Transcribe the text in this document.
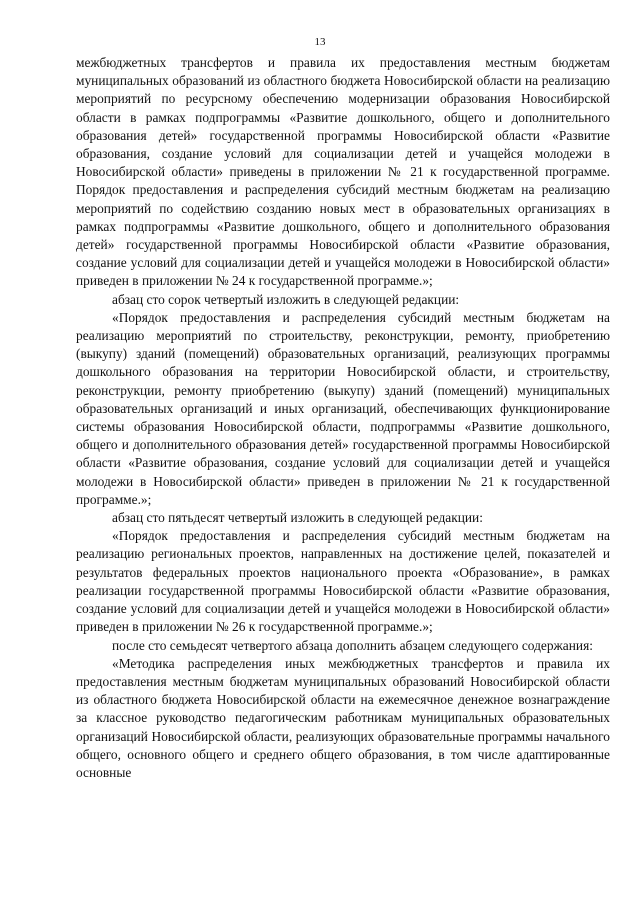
13

межбюджетных трансфертов и правила их предоставления местным бюджетам муниципальных образований из областного бюджета Новосибирской области на реализацию мероприятий по ресурсному обеспечению модернизации образования Новосибирской области в рамках подпрограммы «Развитие дошкольного, общего и дополнительного образования детей» государственной программы Новосибирской области «Развитие образования, создание условий для социализации детей и учащейся молодежи в Новосибирской области» приведены в приложении № 21 к государственной программе. Порядок предоставления и распределения субсидий местным бюджетам на реализацию мероприятий по содействию созданию новых мест в образовательных организациях в рамках подпрограммы «Развитие дошкольного, общего и дополнительного образования детей» государственной программы Новосибирской области «Развитие образования, создание условий для социализации детей и учащейся молодежи в Новосибирской области» приведен в приложении № 24 к государственной программе.»;

абзац сто сорок четвертый изложить в следующей редакции:

«Порядок предоставления и распределения субсидий местным бюджетам на реализацию мероприятий по строительству, реконструкции, ремонту, приобретению (выкупу) зданий (помещений) образовательных организаций, реализующих программы дошкольного образования на территории Новосибирской области, и строительству, реконструкции, ремонту приобретению (выкупу) зданий (помещений) муниципальных образовательных организаций и иных организаций, обеспечивающих функционирование системы образования Новосибирской области, подпрограммы «Развитие дошкольного, общего и дополнительного образования детей» государственной программы Новосибирской области «Развитие образования, создание условий для социализации детей и учащейся молодежи в Новосибирской области» приведен в приложении № 21 к государственной программе.»;

абзац сто пятьдесят четвертый изложить в следующей редакции:

«Порядок предоставления и распределения субсидий местным бюджетам на реализацию региональных проектов, направленных на достижение целей, показателей и результатов федеральных проектов национального проекта «Образование», в рамках реализации государственной программы Новосибирской области «Развитие образования, создание условий для социализации детей и учащейся молодежи в Новосибирской области» приведен в приложении № 26 к государственной программе.»;

после сто семьдесят четвертого абзаца дополнить абзацем следующего содержания:

«Методика распределения иных межбюджетных трансфертов и правила их предоставления местным бюджетам муниципальных образований Новосибирской области из областного бюджета Новосибирской области на ежемесячное денежное вознаграждение за классное руководство педагогическим работникам муниципальных образовательных организаций Новосибирской области, реализующих образовательные программы начального общего, основного общего и среднего общего образования, в том числе адаптированные основные
